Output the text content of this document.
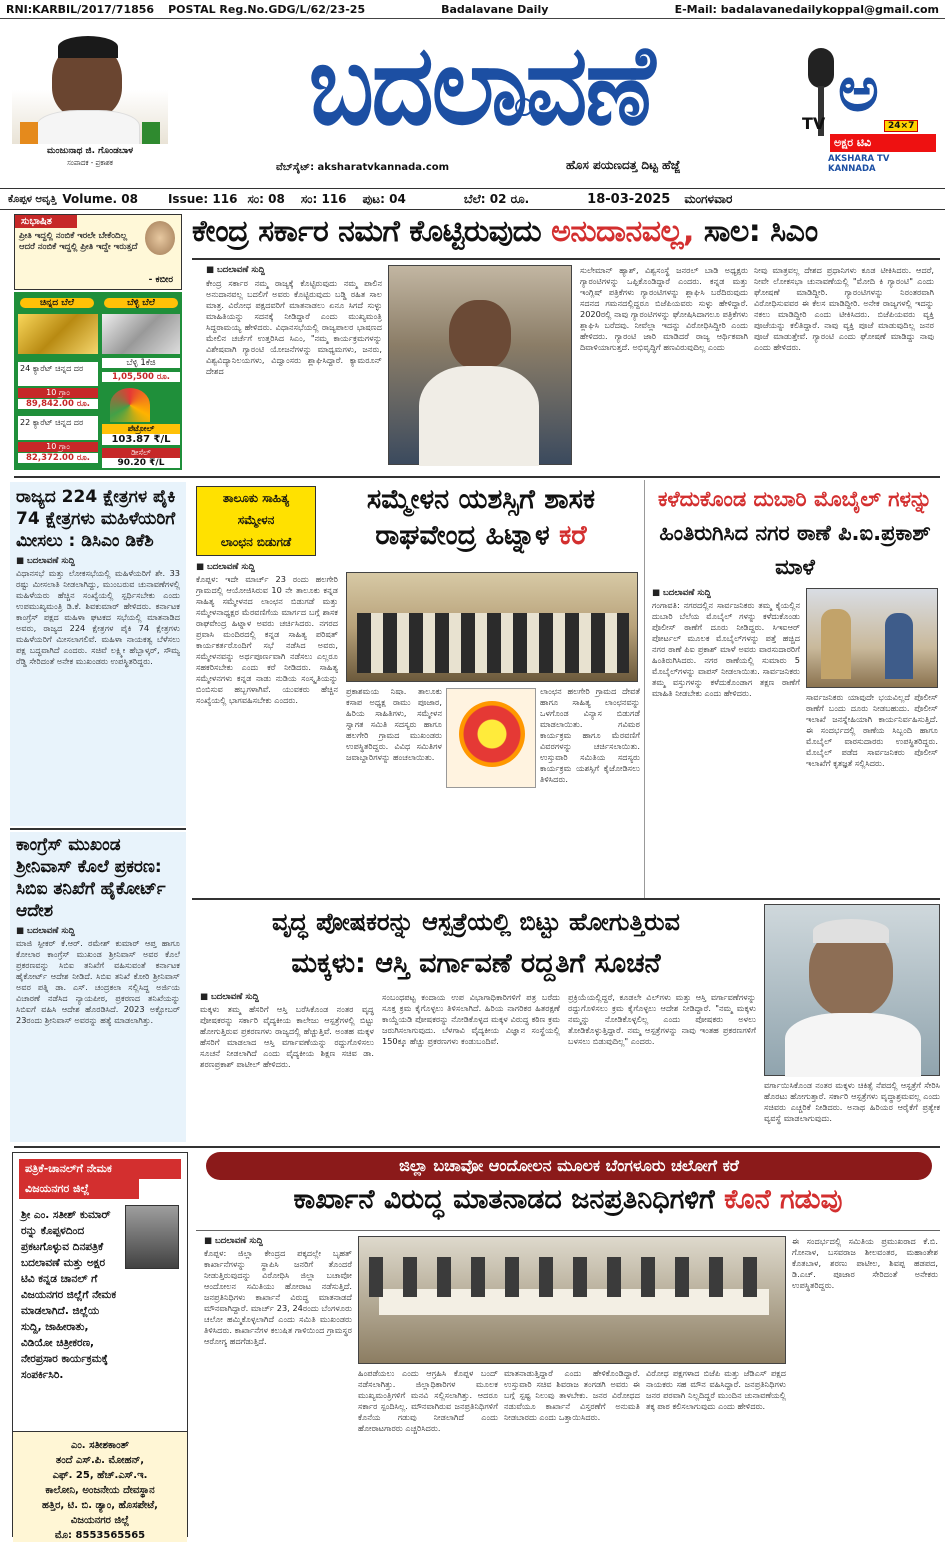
RNI:KARBIL/2017/71856 POSTAL Reg.No.GDG/L/62/23-25	Badalavane Daily	E-Mail: badalavanedailykoppal@gmail.com
ಮಂಜುನಾಥ ಜಿ. ಗೊಂಡಬಾಳ
ಸಂಪಾದಕ - ಪ್ರಕಾಶಕ
ಬದಲಾವಣೆ
ವೆಬ್‌ಸೈಟ್: aksharatvkannada.com	ಹೊಸ ಪಯಣದತ್ತ ದಿಟ್ಟ ಹೆಜ್ಜೆ
TV ಅ
24×7
ಅಕ್ಷರ ಟಿವಿ
AKSHARA TV KANNADA
ಕೊಪ್ಪಳ ಆವೃತ್ತಿ Volume. 08	Issue: 116 ಸಂ: 08 ಸಂ: 116 ಪುಟ: 04	ಬೆಲೆ: 02 ರೂ.	18-03-2025 ಮಂಗಳವಾರ
ಸುಭಾಷಿತ
ಪ್ರೀತಿ ಇದ್ದಲ್ಲಿ ನಂಬಿಕೆ ಇರಲೇ ಬೇಕೆಂದಿಲ್ಲ ಆದರೆ ನಂಬಿಕೆ ಇದ್ದಲ್ಲಿ ಪ್ರೀತಿ ಇದ್ದೇ ಇರುತ್ತದೆ
- ಕಬೀರ
ಚಿನ್ನದ ಬೆಲೆ	ಬೆಳ್ಳಿ ಬೆಲೆ
24 ಕ್ಯಾರೆಟ್ ಚಿನ್ನದ ದರ
10 ಗ್ರಾಂ
89,842.00 ರೂ.
ಬೆಳ್ಳಿ 1ಕೆಜಿ
1,05,500 ರೂ.
22 ಕ್ಯಾರೆಟ್ ಚಿನ್ನದ ದರ
10 ಗ್ರಾಂ
82,372.00 ರೂ.
ಪೆಟ್ರೋಲ್
103.87 ₹/L
ಡೀಸೆಲ್
90.20 ₹/L
ಕೇಂದ್ರ ಸರ್ಕಾರ ನಮಗೆ ಕೊಟ್ಟಿರುವುದು ಅನುದಾನವಲ್ಲ, ಸಾಲ: ಸಿಎಂ
■ ಬದಲಾವಣೆ ಸುದ್ದಿ
ಕೇಂದ್ರ ಸರ್ಕಾರ ನಮ್ಮ ರಾಜ್ಯಕ್ಕೆ ಕೊಟ್ಟಿರುವುದು ನಮ್ಮ ಪಾಲಿನ ಅನುದಾನವಲ್ಲ ಬದಲಿಗೆ ಅವರು ಕೊಟ್ಟಿರುವುದು ಬಡ್ಡಿ ರಹಿತ ಸಾಲ ಮಾತ್ರ. ವಿರೋಧ ಪಕ್ಷದವರಿಗೆ ಮಾತನಾಡಲು ಏನೂ ಸಿಗದೆ ಸುಳ್ಳು ಮಾಹಿತಿಯನ್ನು ಸದನಕ್ಕೆ ನೀಡಿದ್ದಾರೆ ಎಂದು ಮುಖ್ಯಮಂತ್ರಿ ಸಿದ್ದರಾಮಯ್ಯ ಹೇಳಿದರು. ವಿಧಾನಸಭೆಯಲ್ಲಿ ರಾಜ್ಯಪಾಲರ ಭಾಷಣದ ಮೇಲಿನ ಚರ್ಚೆಗೆ ಉತ್ತರಿಸಿದ ಸಿಎಂ, "ನಮ್ಮ ಕಾರ್ಯಕ್ರಮಗಳನ್ನು ವಿಶೇಷವಾಗಿ ಗ್ಯಾರಂಟಿ ಯೋಜನೆಗಳನ್ನು ಮಾಧ್ಯಮಗಳು, ಜನರು, ವಿಶ್ವವಿದ್ಯಾನಿಲಯಗಳು, ವಿದ್ವಾಂಸರು ಶ್ಲಾಘಿಸಿದ್ದಾರೆ. ಕ್ಯಾಮರೂನ್ ದೇಶದ
ಸುಲೇಮಾನ್ ಹ್ಯಾಶ್, ವಿಶ್ವಸಂಸ್ಥೆ ಜನರಲ್ ಬಾಡಿ ಅಧ್ಯಕ್ಷರು ಗ್ಯಾರಂಟಿಗಳನ್ನು ಒಪ್ಪಿಕೊಂಡಿದ್ದಾರೆ ಎಂದರು. ಕನ್ನಡ ಮತ್ತು ಇಂಗ್ಲಿಷ್ ಪತ್ರಿಕೆಗಳು ಗ್ಯಾರಂಟಿಗಳನ್ನು ಶ್ಲಾಘಿಸಿ ಬರೆದಿರುವುದು ಸದನದ ಗಮನದಲ್ಲಿದ್ದರೂ ಬಿಜೆಪಿಯವರು ಸುಳ್ಳು ಹೇಳಿದ್ದಾರೆ. 2020ರಲ್ಲಿ ನಾವು ಗ್ಯಾರಂಟಿಗಳನ್ನು ಘೋಷಿಸಿದಾಗಲೂ ಪತ್ರಿಕೆಗಳು ಶ್ಲಾಘಿಸಿ ಬರೆದವು. ನೀವೆಲ್ಲಾ ಇದನ್ನು ವಿರೋಧಿಸಿದ್ದೀರಿ ಎಂದು ಹೇಳಿದರು. ಗ್ಯಾರಂಟಿ ಜಾರಿ ಮಾಡಿದರೆ ರಾಜ್ಯ ಆರ್ಥಿಕವಾಗಿ ದಿವಾಳಿಯಾಗುತ್ತದೆ. ಅಭಿವೃದ್ಧಿಗೆ ಹಣವಿರುವುದಿಲ್ಲ ಎಂದು
ನೀವು ಮಾತ್ರವಲ್ಲ ದೇಶದ ಪ್ರಧಾನಿಗಳು ಕೂಡ ಟೀಕಿಸಿದರು. ಆದರೆ, ನೀವೇ ಲೋಕಸಭಾ ಚುನಾವಣೆಯಲ್ಲಿ "ಮೋದಿ ಕಿ ಗ್ಯಾರಂಟಿ" ಎಂದು ಘೋಷಣೆ ಮಾಡಿದ್ದೀರಿ. ಗ್ಯಾರಂಟಿಗಳನ್ನು ನಿರಂತರವಾಗಿ ವಿರೋಧಿಸುವವರ ಈ ಕೆಲಸ ಮಾಡಿದ್ದೀರಿ. ಅನೇಕ ರಾಜ್ಯಗಳಲ್ಲಿ ಇದನ್ನು ನಕಲು ಮಾಡಿದ್ದೀರಿ ಎಂದು ಟೀಕಿಸಿದರು. ಬಿಜೆಪಿಯವರು ವ್ಯಕ್ತಿ ಪೂಜೆಯನ್ನು ಕಲಿತಿದ್ದಾರೆ. ನಾವು ವ್ಯಕ್ತಿ ಪೂಜೆ ಮಾಡುವುದಿಲ್ಲ ಜನರ ಪೂಜೆ ಮಾಡುತ್ತೇವೆ. ಗ್ಯಾರಂಟಿ ಎಂದು ಘೋಷಣೆ ಮಾಡಿದ್ದು ನಾವು ಎಂದು ಹೇಳಿದರು.
ರಾಜ್ಯದ 224 ಕ್ಷೇತ್ರಗಳ ಪೈಕಿ 74 ಕ್ಷೇತ್ರಗಳು ಮಹಿಳೆಯರಿಗೆ ಮೀಸಲು : ಡಿಸಿಎಂ ಡಿಕೆಶಿ
■ ಬದಲಾವಣೆ ಸುದ್ದಿ
ವಿಧಾನಸಭೆ ಮತ್ತು ಲೋಕಸಭೆಯಲ್ಲಿ ಮಹಿಳೆಯರಿಗೆ ಶೇ. 33 ರಷ್ಟು ಮೀಸಲಾತಿ ನೀಡಲಾಗಿದ್ದು, ಮುಂಬರುವ ಚುನಾವಣೆಗಳಲ್ಲಿ ಮಹಿಳೆಯರು ಹೆಚ್ಚಿನ ಸಂಖ್ಯೆಯಲ್ಲಿ ಸ್ಪರ್ಧಿಸಬೇಕು ಎಂದು ಉಪಮುಖ್ಯಮಂತ್ರಿ ಡಿ.ಕೆ. ಶಿವಕುಮಾರ್ ಹೇಳಿದರು. ಕರ್ನಾಟಕ ಕಾಂಗ್ರೆಸ್ ಪಕ್ಷದ ಮಹಿಳಾ ಘಟಕದ ಸಭೆಯಲ್ಲಿ ಮಾತನಾಡಿದ ಅವರು, ರಾಜ್ಯದ 224 ಕ್ಷೇತ್ರಗಳ ಪೈಕಿ 74 ಕ್ಷೇತ್ರಗಳು ಮಹಿಳೆಯರಿಗೆ ಮೀಸಲಾಗಲಿವೆ. ಮಹಿಳಾ ನಾಯಕತ್ವ ಬೆಳೆಸಲು ಪಕ್ಷ ಬದ್ಧವಾಗಿದೆ ಎಂದರು. ಸಚಿವೆ ಲಕ್ಷ್ಮೀ ಹೆಬ್ಬಾಳ್ಕರ್, ಸೌಮ್ಯ ರೆಡ್ಡಿ ಸೇರಿದಂತೆ ಅನೇಕ ಮುಖಂಡರು ಉಪಸ್ಥಿತರಿದ್ದರು.
ಕಾಂಗ್ರೆಸ್ ಮುಖಂಡ ಶ್ರೀನಿವಾಸ್ ಕೊಲೆ ಪ್ರಕರಣ: ಸಿಬಿಐ ತನಿಖೆಗೆ ಹೈಕೋರ್ಟ್ ಆದೇಶ
■ ಬದಲಾವಣೆ ಸುದ್ದಿ
ಮಾಜಿ ಸ್ಪೀಕರ್ ಕೆ.ಆರ್. ರಮೇಶ್ ಕುಮಾರ್ ಆಪ್ತ ಹಾಗೂ ಕೋಲಾರ ಕಾಂಗ್ರೆಸ್ ಮುಖಂಡ ಶ್ರೀನಿವಾಸ್ ಅವರ ಕೊಲೆ ಪ್ರಕರಣವನ್ನು ಸಿಬಿಐ ತನಿಖೆಗೆ ವಹಿಸುವಂತೆ ಕರ್ನಾಟಕ ಹೈಕೋರ್ಟ್ ಆದೇಶ ನೀಡಿದೆ. ಸಿಬಿಐ ತನಿಖೆ ಕೋರಿ ಶ್ರೀನಿವಾಸ್ ಅವರ ಪತ್ನಿ ಡಾ. ಎಸ್. ಚಂದ್ರಕಲಾ ಸಲ್ಲಿಸಿದ್ದ ಅರ್ಜಿಯ ವಿಚಾರಣೆ ನಡೆಸಿದ ನ್ಯಾಯಪೀಠ, ಪ್ರಕರಣದ ತನಿಖೆಯನ್ನು ಸಿಬಿಐಗೆ ವಹಿಸಿ ಆದೇಶ ಹೊರಡಿಸಿದೆ. 2023 ಅಕ್ಟೋಬರ್ 23ರಂದು ಶ್ರೀನಿವಾಸ್ ಅವರನ್ನು ಹತ್ಯೆ ಮಾಡಲಾಗಿತ್ತು.
ತಾಲೂಕು ಸಾಹಿತ್ಯ
ಸಮ್ಮೇಳನ
ಲಾಂಛನ ಬಿಡುಗಡೆ
ಸಮ್ಮೇಳನ ಯಶಸ್ಸಿಗೆ ಶಾಸಕ
ರಾಘವೇಂದ್ರ ಹಿಟ್ನಾಳ ಕರೆ
■ ಬದಲಾವಣೆ ಸುದ್ದಿ
ಕೊಪ್ಪಳ: ಇದೇ ಮಾರ್ಚ್ 23 ರಂದು ಹಲಗೇರಿ ಗ್ರಾಮದಲ್ಲಿ ಆಯೋಜಿಸಿರುವ 10 ನೇ ತಾಲೂಕು ಕನ್ನಡ ಸಾಹಿತ್ಯ ಸಮ್ಮೇಳನದ ಲಾಂಛನ ಬಿಡುಗಡೆ ಮತ್ತು ಸಮ್ಮೇಳನಾಧ್ಯಕ್ಷರ ಮೆರವಣಿಗೆಯ ಮಾರ್ಗದ ಬಗ್ಗೆ ಶಾಸಕ ರಾಘವೇಂದ್ರ ಹಿಟ್ನಾಳ ಅವರು ಚರ್ಚಿಸಿದರು. ನಗರದ ಪ್ರವಾಸಿ ಮಂದಿರದಲ್ಲಿ ಕನ್ನಡ ಸಾಹಿತ್ಯ ಪರಿಷತ್ ಕಾರ್ಯಕರ್ತರೊಂದಿಗೆ ಸಭೆ ನಡೆಸಿದ ಅವರು, ಸಮ್ಮೇಳನವನ್ನು ಅರ್ಥಪೂರ್ಣವಾಗಿ ನಡೆಸಲು ಎಲ್ಲರೂ ಸಹಕರಿಸಬೇಕು ಎಂದು ಕರೆ ನೀಡಿದರು. ಸಾಹಿತ್ಯ ಸಮ್ಮೇಳನಗಳು ಕನ್ನಡ ನಾಡು ನುಡಿಯ ಸಂಸ್ಕೃತಿಯನ್ನು ಬಿಂಬಿಸುವ ಹಬ್ಬಗಳಾಗಿವೆ. ಯುವಕರು ಹೆಚ್ಚಿನ ಸಂಖ್ಯೆಯಲ್ಲಿ ಭಾಗವಹಿಸಬೇಕು ಎಂದರು.
ಪ್ರಕಾಶಮಯ ನಿಷಾ. ತಾಲೂಕು ಕಸಾಪ ಅಧ್ಯಕ್ಷ ರಾಮು ಪೂಜಾರ, ಹಿರಿಯ ಸಾಹಿತಿಗಳು, ಸಮ್ಮೇಳನ ಸ್ವಾಗತ ಸಮಿತಿ ಸದಸ್ಯರು ಹಾಗೂ ಹಲಗೇರಿ ಗ್ರಾಮದ ಮುಖಂಡರು ಉಪಸ್ಥಿತರಿದ್ದರು. ವಿವಿಧ ಸಮಿತಿಗಳ ಜವಾಬ್ದಾರಿಗಳನ್ನು ಹಂಚಲಾಯಿತು.
ಲಾಂಛನ ಹಲಗೇರಿ ಗ್ರಾಮದ ದೇವತೆ ಹಾಗೂ ಸಾಹಿತ್ಯ ಲಾಂಛನವನ್ನು ಒಳಗೊಂಡ ವಿನ್ಯಾಸ ಬಿಡುಗಡೆ ಮಾಡಲಾಯಿತು. ಗವಿಮಠ ಕಾರ್ಯಕ್ರಮ ಹಾಗೂ ಮೆರವಣಿಗೆ ವಿವರಗಳನ್ನು ಚರ್ಚಿಸಲಾಯಿತು. ಉಸ್ತುವಾರಿ ಸಮಿತಿಯ ಸದಸ್ಯರು ಕಾರ್ಯಕ್ರಮ ಯಶಸ್ಸಿಗೆ ಕೈಜೋಡಿಸಲು ತಿಳಿಸಿದರು.
ಕಳೆದುಕೊಂಡ ದುಬಾರಿ ಮೊಬೈಲ್ ಗಳನ್ನು ಹಿಂತಿರುಗಿಸಿದ ನಗರ ಠಾಣೆ ಪಿ.ಐ.ಪ್ರಕಾಶ್ ಮಾಳೆ
■ ಬದಲಾವಣೆ ಸುದ್ದಿ
ಗಂಗಾವತಿ: ನಗರದಲ್ಲಿನ ಸಾರ್ವಜನಿಕರು ತಮ್ಮ ಕೈಯಲ್ಲಿನ ದುಬಾರಿ ಬೆಲೆಯ ಮೊಬೈಲ್ ಗಳನ್ನು ಕಳೆದುಕೊಂಡು ಪೊಲೀಸ್ ಠಾಣೆಗೆ ದೂರು ನೀಡಿದ್ದರು. ಸಿಇಐಆರ್ ಪೋರ್ಟಲ್ ಮೂಲಕ ಮೊಬೈಲ್‌ಗಳನ್ನು ಪತ್ತೆ ಹಚ್ಚಿದ ನಗರ ಠಾಣೆ ಪಿಐ ಪ್ರಕಾಶ್ ಮಾಳೆ ಅವರು ವಾರಸುದಾರರಿಗೆ ಹಿಂತಿರುಗಿಸಿದರು. ನಗರ ಠಾಣೆಯಲ್ಲಿ ಸುಮಾರು 5 ಮೊಬೈಲ್‌ಗಳನ್ನು ವಾಪಸ್ ನೀಡಲಾಯಿತು. ಸಾರ್ವಜನಿಕರು ತಮ್ಮ ವಸ್ತುಗಳನ್ನು ಕಳೆದುಕೊಂಡಾಗ ತಕ್ಷಣ ಠಾಣೆಗೆ ಮಾಹಿತಿ ನೀಡಬೇಕು ಎಂದು ಹೇಳಿದರು.	ಸಾರ್ವಜನಿಕರು ಯಾವುದೇ ಭಯವಿಲ್ಲದೆ ಪೊಲೀಸ್ ಠಾಣೆಗೆ ಬಂದು ದೂರು ನೀಡಬಹುದು. ಪೊಲೀಸ್ ಇಲಾಖೆ ಜನಸ್ನೇಹಿಯಾಗಿ ಕಾರ್ಯನಿರ್ವಹಿಸುತ್ತಿದೆ. ಈ ಸಂದರ್ಭದಲ್ಲಿ ಠಾಣೆಯ ಸಿಬ್ಬಂದಿ ಹಾಗೂ ಮೊಬೈಲ್ ವಾರಸುದಾರರು ಉಪಸ್ಥಿತರಿದ್ದರು. ಮೊಬೈಲ್ ಪಡೆದ ಸಾರ್ವಜನಿಕರು ಪೊಲೀಸ್ ಇಲಾಖೆಗೆ ಕೃತಜ್ಞತೆ ಸಲ್ಲಿಸಿದರು.
ವೃದ್ಧ ಪೋಷಕರನ್ನು ಆಸ್ಪತ್ರೆಯಲ್ಲಿ ಬಿಟ್ಟು ಹೋಗುತ್ತಿರುವ
ಮಕ್ಕಳು: ಆಸ್ತಿ ವರ್ಗಾವಣೆ ರದ್ದತಿಗೆ ಸೂಚನೆ
■ ಬದಲಾವಣೆ ಸುದ್ದಿ
ಮಕ್ಕಳು ತಮ್ಮ ಹೆಸರಿಗೆ ಆಸ್ತಿ ಬರೆಸಿಕೊಂಡ ನಂತರ ವೃದ್ಧ ಪೋಷಕರನ್ನು ಸರ್ಕಾರಿ ವೈದ್ಯಕೀಯ ಕಾಲೇಜು ಆಸ್ಪತ್ರೆಗಳಲ್ಲಿ ಬಿಟ್ಟು ಹೋಗುತ್ತಿರುವ ಪ್ರಕರಣಗಳು ರಾಜ್ಯದಲ್ಲಿ ಹೆಚ್ಚುತ್ತಿವೆ. ಅಂತಹ ಮಕ್ಕಳ ಹೆಸರಿಗೆ ಮಾಡಲಾದ ಆಸ್ತಿ ವರ್ಗಾವಣೆಯನ್ನು ರದ್ದುಗೊಳಿಸಲು ಸೂಚನೆ ನೀಡಲಾಗಿದೆ ಎಂದು ವೈದ್ಯಕೀಯ ಶಿಕ್ಷಣ ಸಚಿವ ಡಾ. ಶರಣಪ್ರಕಾಶ್ ಪಾಟೀಲ್ ಹೇಳಿದರು.
ಸಂಬಂಧಪಟ್ಟ ಕಂದಾಯ ಉಪ ವಿಭಾಗಾಧಿಕಾರಿಗಳಿಗೆ ಪತ್ರ ಬರೆದು ಸೂಕ್ತ ಕ್ರಮ ಕೈಗೊಳ್ಳಲು ತಿಳಿಸಲಾಗಿದೆ. ಹಿರಿಯ ನಾಗರಿಕರ ಹಿತರಕ್ಷಣೆ ಕಾಯ್ದೆಯಡಿ ಪೋಷಕರನ್ನು ನೋಡಿಕೊಳ್ಳದ ಮಕ್ಕಳ ವಿರುದ್ಧ ಕಠಿಣ ಕ್ರಮ ಜರುಗಿಸಲಾಗುವುದು. ಬೆಳಗಾವಿ ವೈದ್ಯಕೀಯ ವಿಜ್ಞಾನ ಸಂಸ್ಥೆಯಲ್ಲಿ 150ಕ್ಕೂ ಹೆಚ್ಚು ಪ್ರಕರಣಗಳು ಕಂಡುಬಂದಿವೆ.
ಪ್ರಕ್ರಿಯೆಯಲ್ಲಿದ್ದರೆ, ಕೂಡಲೇ ವಿಲ್‌ಗಳು ಮತ್ತು ಆಸ್ತಿ ವರ್ಗಾವಣೆಗಳನ್ನು ರದ್ದುಗೊಳಿಸಲು ಕ್ರಮ ಕೈಗೊಳ್ಳಲು ಆದೇಶ ನೀಡಿದ್ದಾರೆ. "ನಮ್ಮ ಮಕ್ಕಳು ನಮ್ಮನ್ನು ನೋಡಿಕೊಳ್ಳಲಿಲ್ಲ ಎಂದು ಪೋಷಕರು ಅಳಲು ತೋಡಿಕೊಳ್ಳುತ್ತಿದ್ದಾರೆ. ನಮ್ಮ ಆಸ್ಪತ್ರೆಗಳನ್ನು ನಾವು ಇಂತಹ ಪ್ರಕರಣಗಳಿಗೆ ಬಳಸಲು ಬಿಡುವುದಿಲ್ಲ" ಎಂದರು.
ವರ್ಗಾಯಿಸಿಕೊಂಡ ನಂತರ ಮಕ್ಕಳು ಚಿಕಿತ್ಸೆ ನೆಪದಲ್ಲಿ ಆಸ್ಪತ್ರೆಗೆ ಸೇರಿಸಿ ಹೊರಟು ಹೋಗುತ್ತಾರೆ. ಸರ್ಕಾರಿ ಆಸ್ಪತ್ರೆಗಳು ವೃದ್ಧಾಶ್ರಮವಲ್ಲ ಎಂದು ಸಚಿವರು ಎಚ್ಚರಿಕೆ ನೀಡಿದರು. ಅನಾಥ ಹಿರಿಯರ ಆರೈಕೆಗೆ ಪ್ರತ್ಯೇಕ ವ್ಯವಸ್ಥೆ ಮಾಡಲಾಗುವುದು.
ಪತ್ರಿಕೆ-ಚಾನಲ್‌ಗೆ ನೇಮಕ
ವಿಜಯನಗರ ಜಿಲ್ಲೆ
ಶ್ರೀ ಎಂ. ಸತೀಶ್ ಕುಮಾರ್ ರನ್ನು ಕೊಪ್ಪಳದಿಂದ ಪ್ರಕಟಗೊಳ್ಳುವ ದಿನಪತ್ರಿಕೆ ಬದಲಾವಣೆ ಮತ್ತು ಅಕ್ಷರ ಟಿವಿ ಕನ್ನಡ ಚಾನಲ್ ಗೆ ವಿಜಯನಗರ ಜಿಲ್ಲೆಗೆ ನೇಮಕ ಮಾಡಲಾಗಿದೆ. ಜಿಲ್ಲೆಯ ಸುದ್ದಿ, ಜಾಹೀರಾತು, ವಿಡಿಯೋ ಚಿತ್ರೀಕರಣ, ನೇರಪ್ರಸಾರ ಕಾರ್ಯಕ್ರಮಕ್ಕೆ ಸಂಪರ್ಕಿಸಿರಿ.
ಎಂ. ಸತೀಶಕಾಂತ್
ತಂದೆ ಎಸ್.ಪಿ. ಮೋಹನ್,
ಎಫ್. 25, ಹೆಚ್.ಎಸ್.ಇ.
ಕಾಲೋನಿ, ಅಂಜನೇಯ ದೇವಸ್ಥಾನ
ಹತ್ತಿರ, ಟಿ. ಬಿ. ಡ್ಯಾಂ, ಹೊಸಪೇಟೆ,
ವಿಜಯನಗರ ಜಿಲ್ಲೆ
ಮೊ: 8553565565
ಜಿಲ್ಲಾ ಬಚಾವೋ ಆಂದೋಲನ ಮೂಲಕ ಬೆಂಗಳೂರು ಚಲೋಗೆ ಕರೆ
ಕಾರ್ಖಾನೆ ವಿರುದ್ಧ ಮಾತನಾಡದ ಜನಪ್ರತಿನಿಧಿಗಳಿಗೆ ಕೊನೆ ಗಡುವು
■ ಬದಲಾವಣೆ ಸುದ್ದಿ
ಕೊಪ್ಪಳ: ಜಿಲ್ಲಾ ಕೇಂದ್ರದ ಪಕ್ಕದಲ್ಲೇ ಬೃಹತ್ ಕಾರ್ಖಾನೆಗಳನ್ನು ಸ್ಥಾಪಿಸಿ ಜನರಿಗೆ ತೊಂದರೆ ನೀಡುತ್ತಿರುವುದನ್ನು ವಿರೋಧಿಸಿ ಜಿಲ್ಲಾ ಬಚಾವೋ ಆಂದೋಲನ ಸಮಿತಿಯು ಹೋರಾಟ ನಡೆಸುತ್ತಿದೆ. ಜನಪ್ರತಿನಿಧಿಗಳು ಕಾರ್ಖಾನೆ ವಿರುದ್ಧ ಮಾತನಾಡದೆ ಮೌನವಾಗಿದ್ದಾರೆ. ಮಾರ್ಚ್ 23, 24ರಂದು ಬೆಂಗಳೂರು ಚಲೋ ಹಮ್ಮಿಕೊಳ್ಳಲಾಗಿದೆ ಎಂದು ಸಮಿತಿ ಮುಖಂಡರು ತಿಳಿಸಿದರು. ಕಾರ್ಖಾನೆಗಳ ಕಲುಷಿತ ಗಾಳಿಯಿಂದ ಗ್ರಾಮಸ್ಥರ ಆರೋಗ್ಯ ಹದಗೆಡುತ್ತಿದೆ.
ಹಿಂಪಡೆಯಲು ಎಂದು ಆಗ್ರಹಿಸಿ ಕೊಪ್ಪಳ ಬಂದ್ ನಡೆಸಲಾಗಿತ್ತು. ಜಿಲ್ಲಾಧಿಕಾರಿಗಳ ಮೂಲಕ ಮುಖ್ಯಮಂತ್ರಿಗಳಿಗೆ ಮನವಿ ಸಲ್ಲಿಸಲಾಗಿತ್ತು. ಆದರೂ ಸರ್ಕಾರ ಸ್ಪಂದಿಸಿಲ್ಲ. ಮೌನವಾಗಿರುವ ಜನಪ್ರತಿನಿಧಿಗಳಿಗೆ ಕೊನೆಯ ಗಡುವು ನೀಡಲಾಗಿದೆ ಎಂದು ಹೋರಾಟಗಾರರು ಎಚ್ಚರಿಸಿದರು.
ಮಾತನಾಡುತ್ತಿದ್ದಾರೆ ಎಂದು ಹೇಳಿಕೊಂಡಿದ್ದಾರೆ. ಉಸ್ತುವಾರಿ ಸಚಿವ ಶಿವರಾಜ ತಂಗಡಗಿ ಅವರು ಈ ಬಗ್ಗೆ ಸ್ಪಷ್ಟ ನಿಲುವು ತಾಳಬೇಕು. ಜನರ ವಿರೋಧದ ನಡುವೆಯೂ ಕಾರ್ಖಾನೆ ವಿಸ್ತರಣೆಗೆ ಅನುಮತಿ ನೀಡಬಾರದು ಎಂದು ಒತ್ತಾಯಿಸಿದರು.
ವಿರೋಧ ಪಕ್ಷಗಳಾದ ಬಿಜೆಪಿ ಮತ್ತು ಜೆಡಿಎಸ್ ಪಕ್ಷದ ನಾಯಕರು ಸಹ ಮೌನ ವಹಿಸಿದ್ದಾರೆ. ಜನಪ್ರತಿನಿಧಿಗಳು ಜನರ ಪರವಾಗಿ ನಿಲ್ಲದಿದ್ದರೆ ಮುಂದಿನ ಚುನಾವಣೆಯಲ್ಲಿ ತಕ್ಕ ಪಾಠ ಕಲಿಸಲಾಗುವುದು ಎಂದು ಹೇಳಿದರು.
ಈ ಸಂದರ್ಭದಲ್ಲಿ ಸಮಿತಿಯ ಪ್ರಮುಖರಾದ ಕೆ.ಬಿ. ಗೋನಾಳ, ಬಸವರಾಜ ಶೀಲವಂತರ, ಮಹಾಂತೇಶ ಕೊತಬಾಳ, ಶರಣು ಪಾಟೀಲ, ಶಿವಪ್ಪ ಹಡಪದ, ಡಿ.ಎಚ್. ಪೂಜಾರ ಸೇರಿದಂತೆ ಅನೇಕರು ಉಪಸ್ಥಿತರಿದ್ದರು.
